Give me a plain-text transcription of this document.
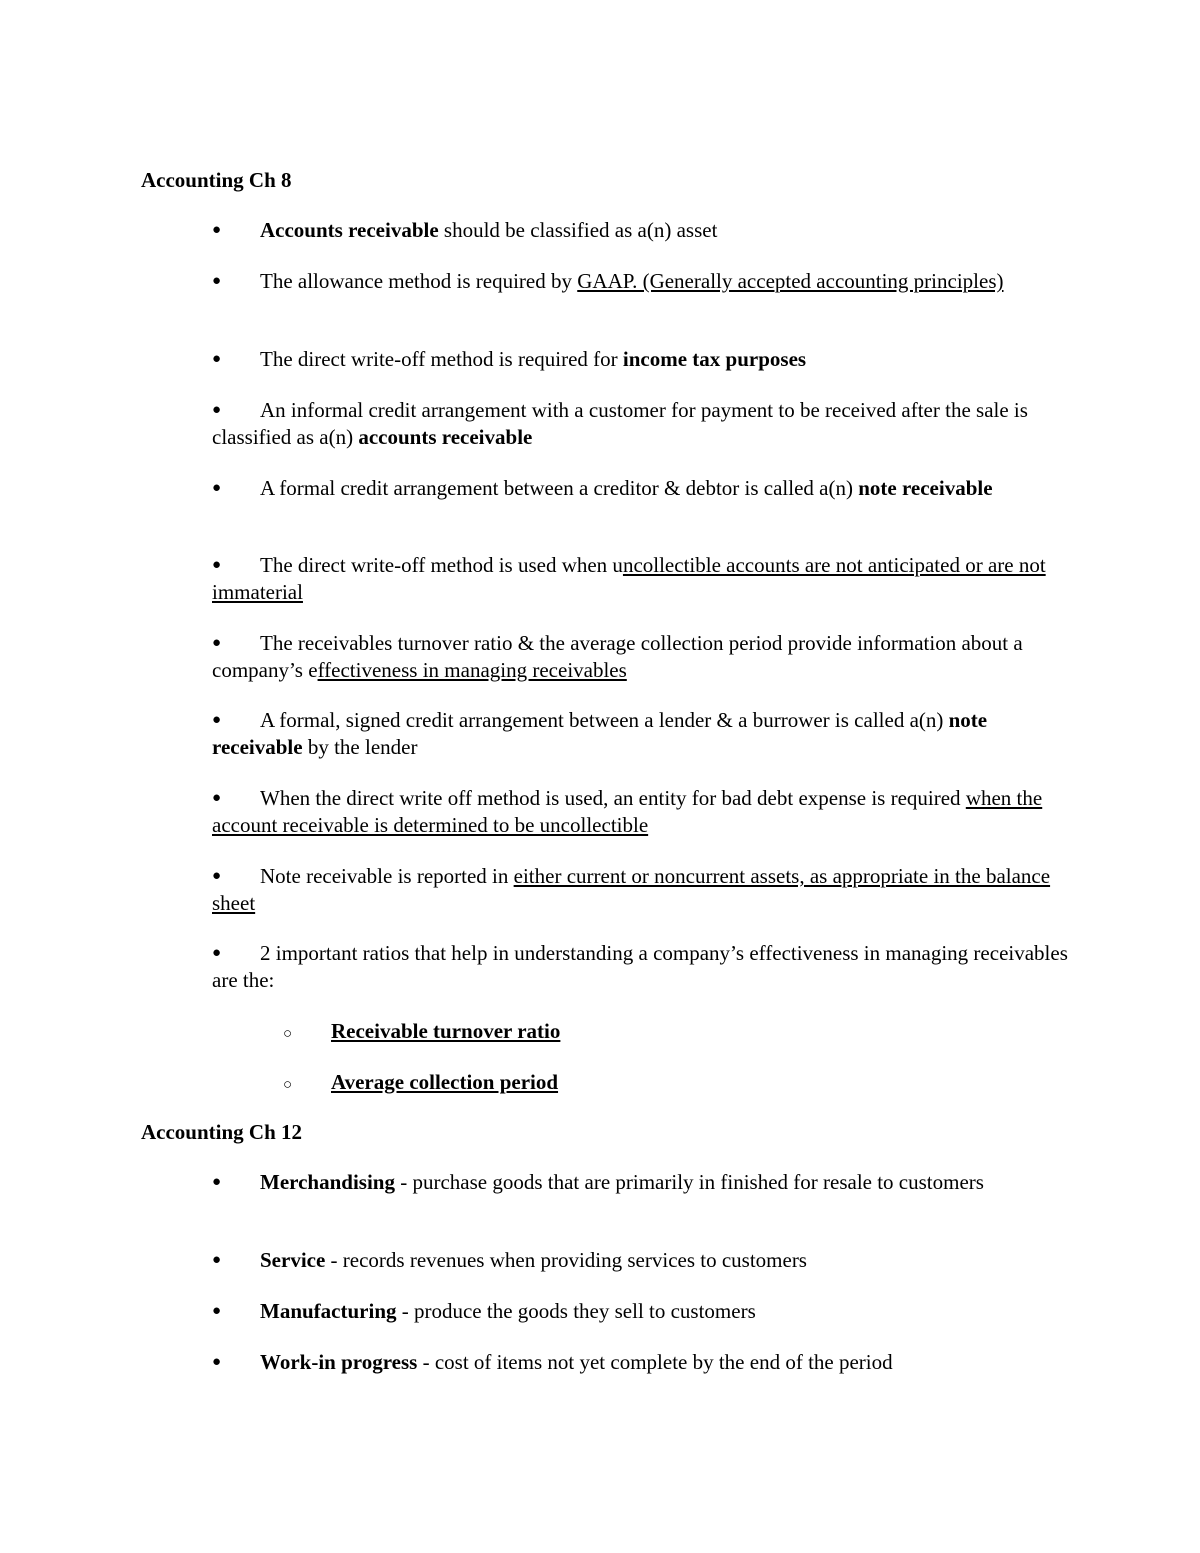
Accounting Ch 8
●	Accounts receivable should be classified as a(n) asset
●	The allowance method is required by GAAP. (Generally accepted accounting principles)
●	The direct write-off method is required for income tax purposes
●	An informal credit arrangement with a customer for payment to be received after the sale is classified as a(n) accounts receivable
●	A formal credit arrangement between a creditor & debtor is called a(n) note receivable
●	The direct write-off method is used when uncollectible accounts are not anticipated or are not immaterial
●	The receivables turnover ratio & the average collection period provide information about a company’s effectiveness in managing receivables
●	A formal, signed credit arrangement between a lender & a burrower is called a(n) note receivable by the lender
●	When the direct write off method is used, an entity for bad debt expense is required when the account receivable is determined to be uncollectible
●	Note receivable is reported in either current or noncurrent assets, as appropriate in the balance sheet
●	2 important ratios that help in understanding a company’s effectiveness in managing receivables are the:
○ Receivable turnover ratio
○ Average collection period
Accounting Ch 12
●	Merchandising - purchase goods that are primarily in finished for resale to customers
●	Service - records revenues when providing services to customers
●	Manufacturing - produce the goods they sell to customers
●	Work-in progress - cost of items not yet complete by the end of the period
